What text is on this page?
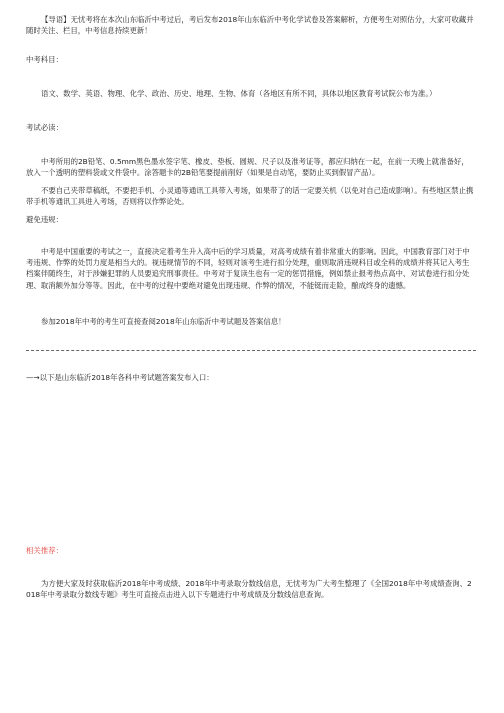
【导语】无忧考将在本次山东临沂中考过后，考后发布2018年山东临沂中考化学试卷及答案解析，方便考生对照估分，大家可收藏并随时关注、栏目，中考信息持续更新！

中考科目：

语文、数学、英语、物理、化学、政治、历史、地理、生物、体育（各地区有所不同，具体以地区教育考试院公布为准。）

考试必读：

中考所用的2B铅笔、0.5mm黑色墨水签字笔、橡皮、垫板、圆规、尺子以及准考证等，都应归纳在一起，在前一天晚上就准备好，放入一个透明的塑料袋或文件袋中。涂答题卡的2B铅笔要提前削好（如果是自动笔，要防止买到假冒产品）。

不要自己夹带草稿纸，不要把手机、小灵通等通讯工具带入考场，如果带了的话一定要关机（以免对自己造成影响）。有些地区禁止携带手机等通讯工具进入考场，否则将以作弊论处。

避免违规：

中考是中国重要的考试之一，直接决定着考生升入高中后的学习质量，对高考成绩有着非常重大的影响。因此，中国教育部门对于中考违规、作弊的处罚力度是相当大的。视违规情节的不同，轻则对该考生进行扣分处理，重则取消违规科目或全科的成绩并将其记入考生档案伴随终生，对于涉嫌犯罪的人员要追究刑事责任。中考对于复读生也有一定的惩罚措施，例如禁止报考热点高中、对试卷进行扣分处理、取消额外加分等等。因此，在中考的过程中要绝对避免出现违规、作弊的情况，不能铤而走险，酿成终身的遗憾。

参加2018年中考的考生可直接查阅2018年山东临沂中考试题及答案信息！

—→以下是山东临沂2018年各科中考试题答案发布入口：

相关推荐：

为方便大家及时获取临沂2018年中考成绩、2018年中考录取分数线信息，无忧考为广大考生整理了《全国2018年中考成绩查询、2018年中考录取分数线专题》考生可直接点击进入以下专题进行中考成绩及分数线信息查询。
